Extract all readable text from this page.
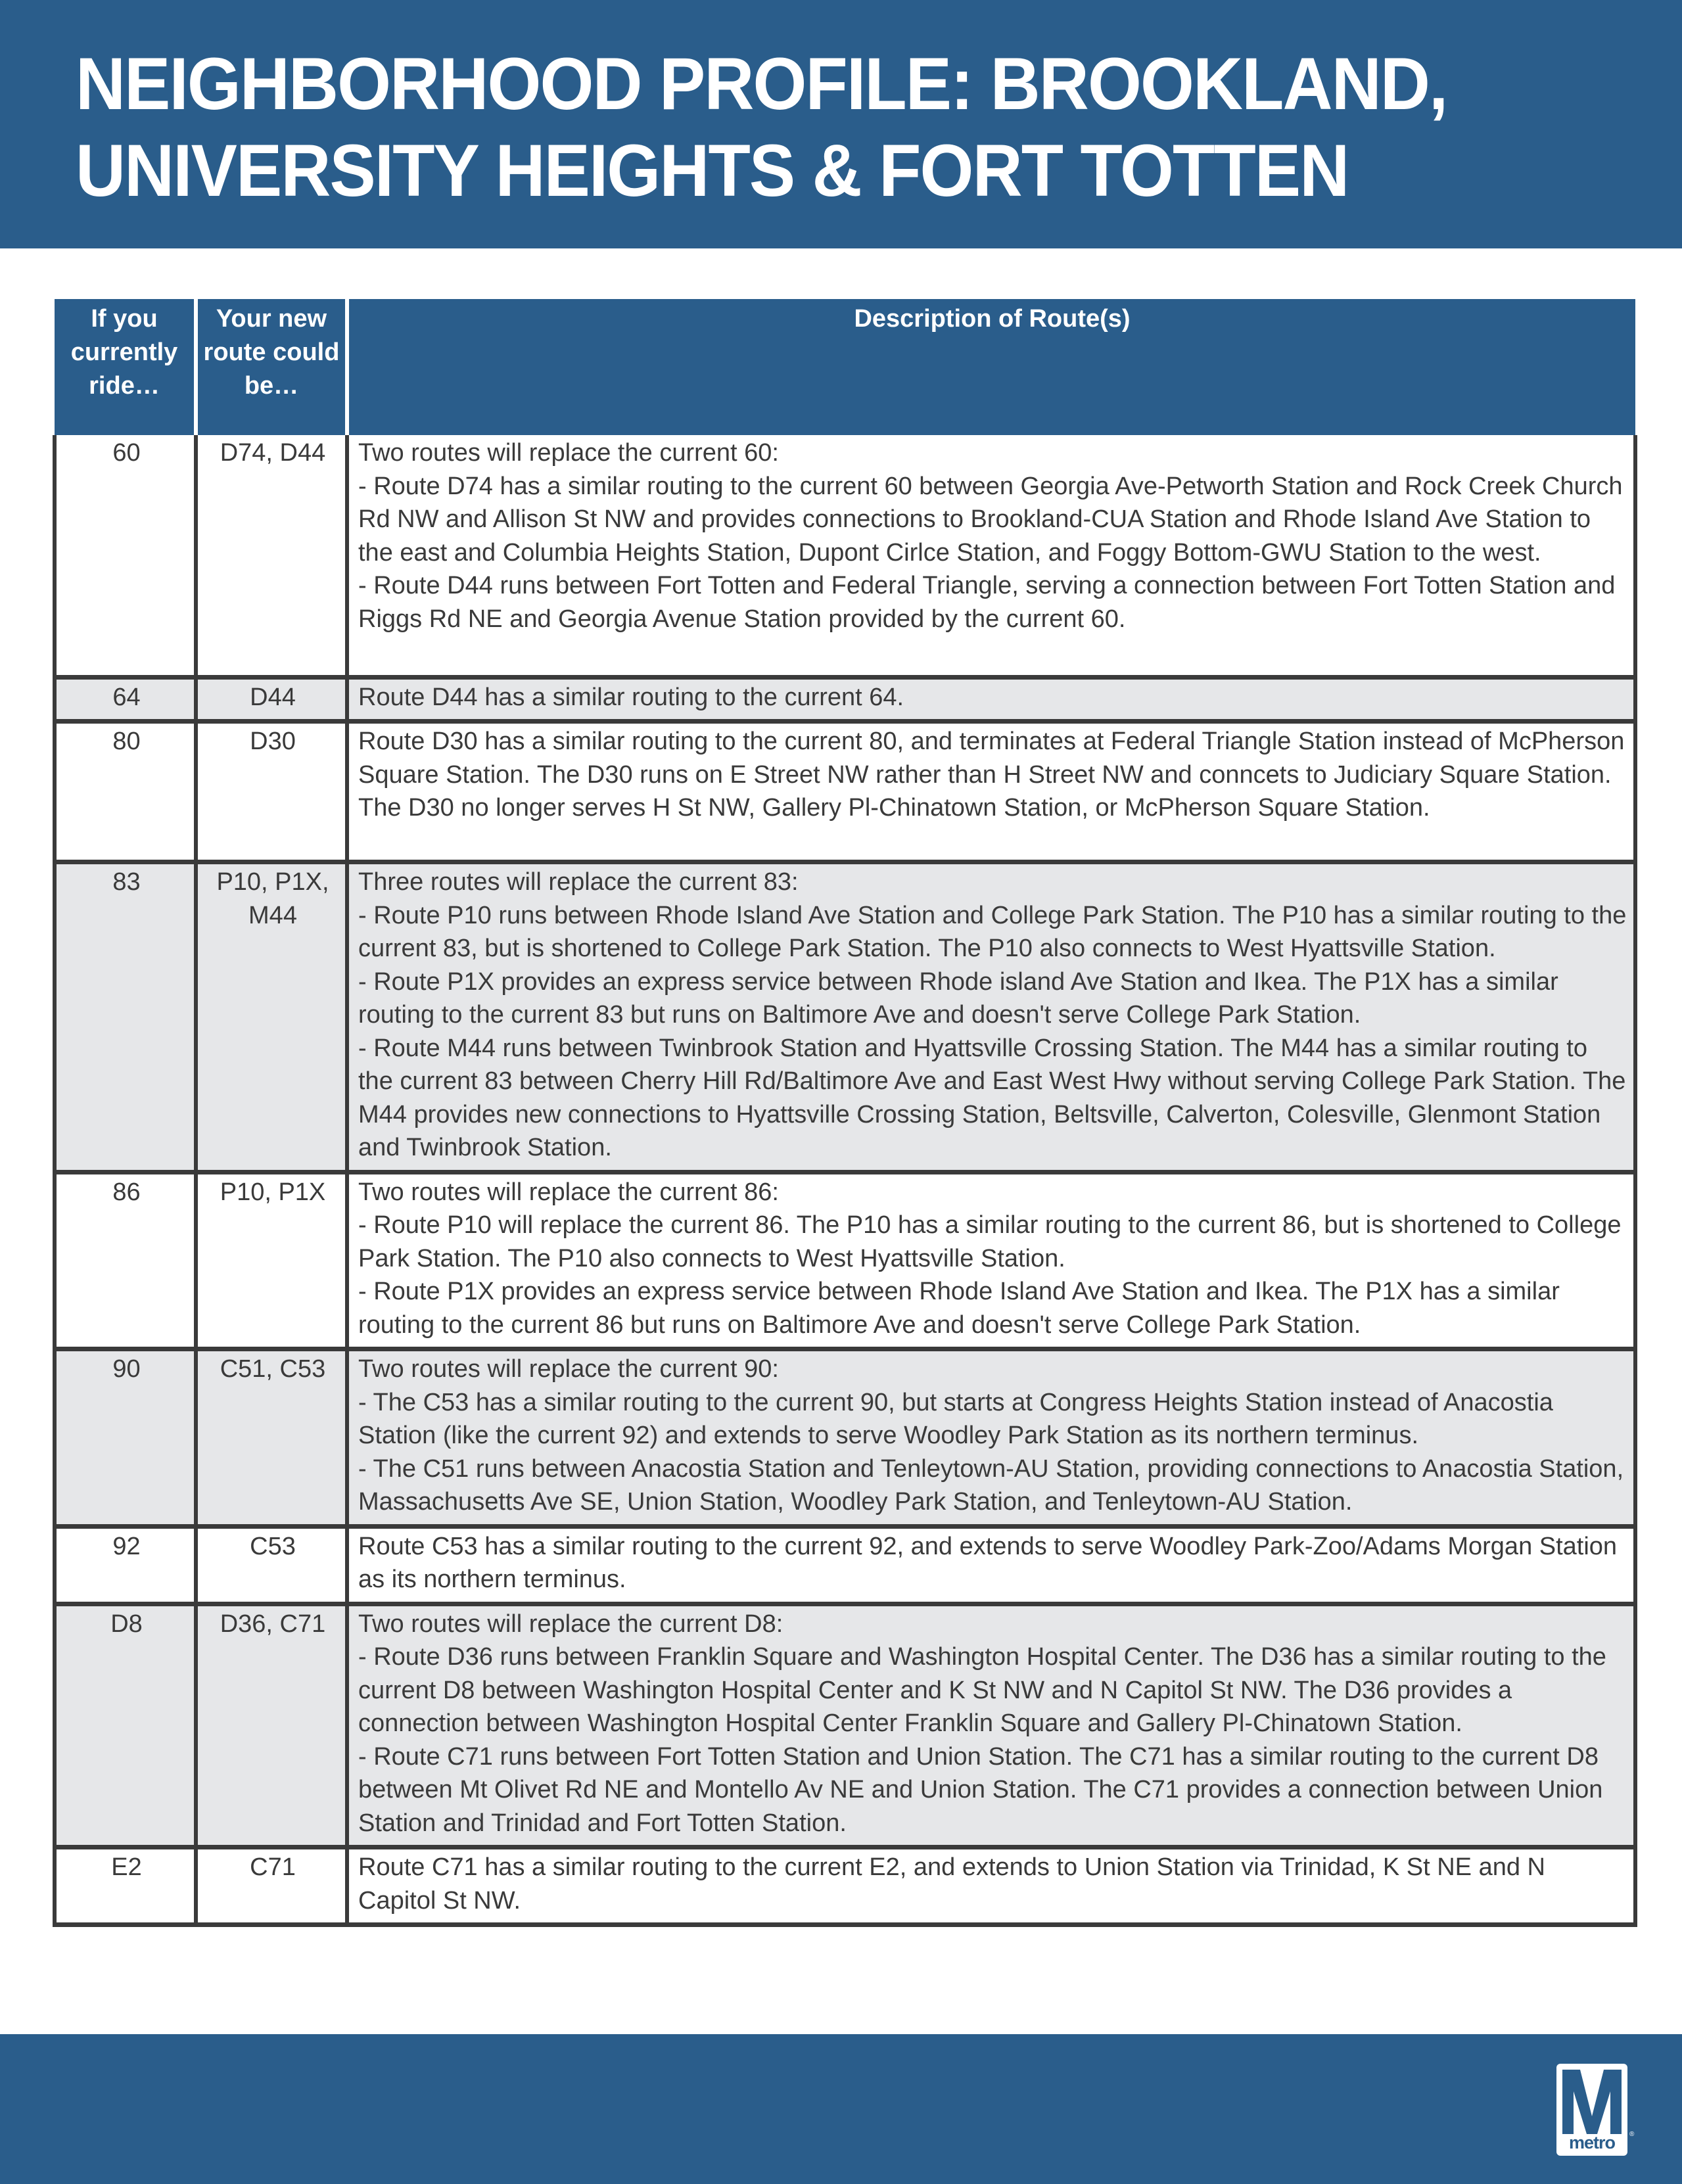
NEIGHBORHOOD PROFILE: BROOKLAND,
UNIVERSITY HEIGHTS & FORT TOTTEN
If you currently ride…	Your new route could be…	Description of Route(s)
60	D74, D44	Two routes will replace the current 60:
- Route D74 has a similar routing to the current 60 between Georgia Ave-Petworth Station and Rock Creek Church Rd NW and Allison St NW and provides connections to Brookland-CUA Station and Rhode Island Ave Station to the east and Columbia Heights Station, Dupont Cirlce Station, and Foggy Bottom-GWU Station to the west.
- Route D44 runs between Fort Totten and Federal Triangle, serving a connection between Fort Totten Station and Riggs Rd NE and Georgia Avenue Station provided by the current 60.

64	D44	Route D44 has a similar routing to the current 64.

80	D30	Route D30 has a similar routing to the current 80, and terminates at Federal Triangle Station instead of McPherson Square Station. The D30 runs on E Street NW rather than H Street NW and conncets to Judiciary Square Station. The D30 no longer serves H St NW, Gallery Pl-Chinatown Station, or McPherson Square Station.

83	P10, P1X, M44	Three routes will replace the current 83:
- Route P10 runs between Rhode Island Ave Station and College Park Station. The P10 has a similar routing to the current 83, but is shortened to College Park Station. The P10 also connects to West Hyattsville Station.
- Route P1X provides an express service between Rhode island Ave Station and Ikea. The P1X has a similar routing to the current 83 but runs on Baltimore Ave and doesn't serve College Park Station.
- Route M44 runs between Twinbrook Station and Hyattsville Crossing Station. The M44 has a similar routing to the current 83 between Cherry Hill Rd/Baltimore Ave and East West Hwy without serving College Park Station. The M44 provides new connections to Hyattsville Crossing Station, Beltsville, Calverton, Colesville, Glenmont Station and Twinbrook Station.

86	P10, P1X	Two routes will replace the current 86:
- Route P10 will replace the current 86. The P10 has a similar routing to the current 86, but is shortened to College Park Station. The P10 also connects to West Hyattsville Station.
- Route P1X provides an express service between Rhode Island Ave Station and Ikea. The P1X has a similar routing to the current 86 but runs on Baltimore Ave and doesn't serve College Park Station.

90	C51, C53	Two routes will replace the current 90:
- The C53 has a similar routing to the current 90, but starts at Congress Heights Station instead of Anacostia Station (like the current 92) and extends to serve Woodley Park Station as its northern terminus.
- The C51 runs between Anacostia Station and Tenleytown-AU Station, providing connections to Anacostia Station, Massachusetts Ave SE, Union Station, Woodley Park Station, and Tenleytown-AU Station.

92	C53	Route C53 has a similar routing to the current 92, and extends to serve Woodley Park-Zoo/Adams Morgan Station as its northern terminus.

D8	D36, C71	Two routes will replace the current D8:
- Route D36 runs between Franklin Square and Washington Hospital Center. The D36 has a similar routing to the current D8 between Washington Hospital Center and K St NW and N Capitol St NW. The D36 provides a connection between Washington Hospital Center Franklin Square and Gallery Pl-Chinatown Station.
- Route C71 runs between Fort Totten Station and Union Station. The C71 has a similar routing to the current D8 between Mt Olivet Rd NE and Montello Av NE and Union Station. The C71 provides a connection between Union Station and Trinidad and Fort Totten Station.

E2	C71	Route C71 has a similar routing to the current E2, and extends to Union Station via Trinidad, K St NE and N Capitol St NW.
metro	®
